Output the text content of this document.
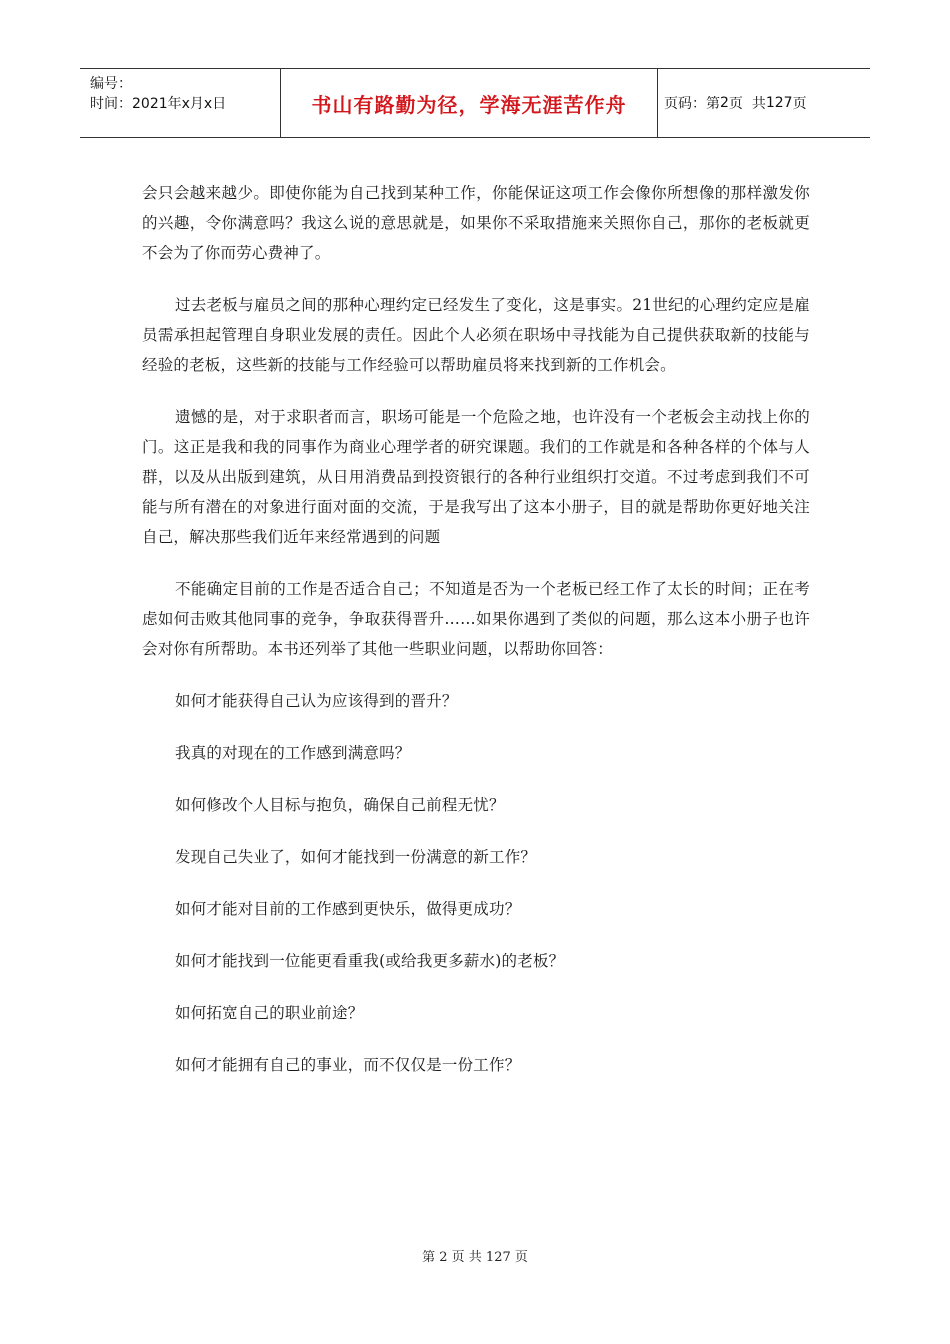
编号：
时间：2021年x月x日	书山有路勤为径，学海无涯苦作舟	页码：第 2 页  共 127 页

会只会越来越少。即使你能为自己找到某种工作，你能保证这项工作会像你所想像的那样激发你的兴趣，令你满意吗？我这么说的意思就是，如果你不采取措施来关照你自己，那你的老板就更不会为了你而劳心费神了。

过去老板与雇员之间的那种心理约定已经发生了变化，这是事实。21世纪的心理约定应是雇员需承担起管理自身职业发展的责任。因此个人必须在职场中寻找能为自己提供获取新的技能与经验的老板，这些新的技能与工作经验可以帮助雇员将来找到新的工作机会。

遗憾的是，对于求职者而言，职场可能是一个危险之地，也许没有一个老板会主动找上你的门。这正是我和我的同事作为商业心理学者的研究课题。我们的工作就是和各种各样的个体与人群，以及从出版到建筑，从日用消费品到投资银行的各种行业组织打交道。不过考虑到我们不可能与所有潜在的对象进行面对面的交流，于是我写出了这本小册子，目的就是帮助你更好地关注自己，解决那些我们近年来经常遇到的问题

不能确定目前的工作是否适合自己；不知道是否为一个老板已经工作了太长的时间；正在考虑如何击败其他同事的竞争，争取获得晋升……如果你遇到了类似的问题，那么这本小册子也许会对你有所帮助。本书还列举了其他一些职业问题，以帮助你回答：

如何才能获得自己认为应该得到的晋升？

我真的对现在的工作感到满意吗？

如何修改个人目标与抱负，确保自己前程无忧？

发现自己失业了，如何才能找到一份满意的新工作？

如何才能对目前的工作感到更快乐，做得更成功？

如何才能找到一位能更看重我(或给我更多薪水)的老板？

如何拓宽自己的职业前途？

如何才能拥有自己的事业，而不仅仅是一份工作？

第 2 页 共 127 页
